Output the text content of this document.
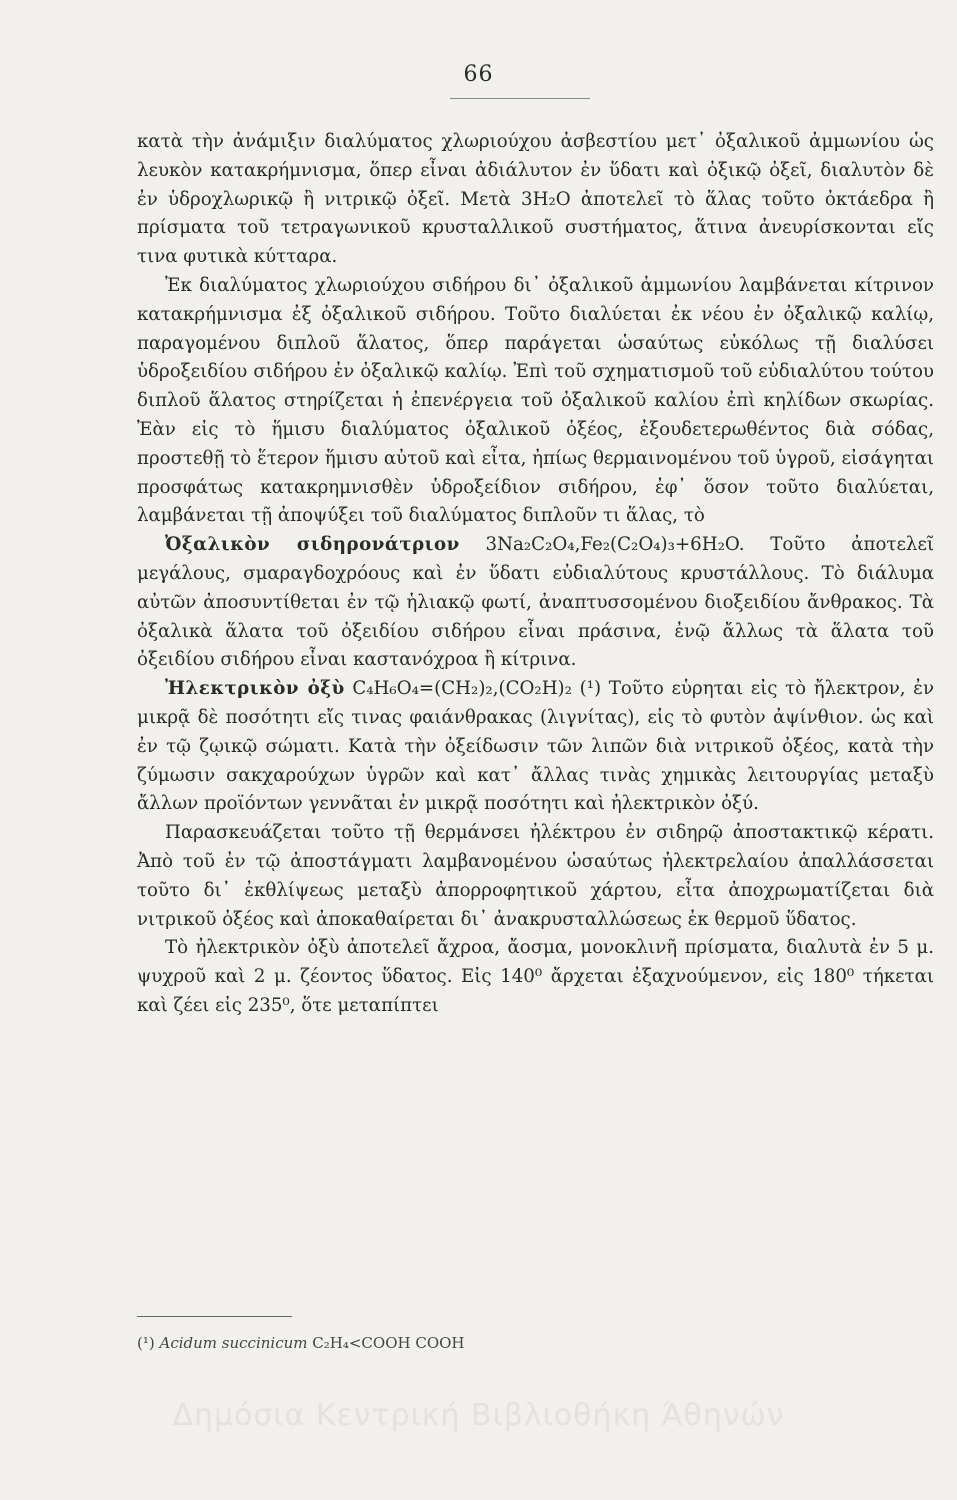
66

κατὰ τὴν ἀνάμιξιν διαλύματος χλωριούχου ἀσβεστίου μετ᾽ ὀξαλικοῦ ἀμμωνίου ὡς λευκὸν κατακρήμνισμα, ὅπερ εἶναι ἀδιάλυτον ἐν ὕδατι καὶ ὀξικῷ ὀξεῖ, διαλυτὸν δὲ ἐν ὑδροχλωρικῷ ἢ νιτρικῷ ὀξεῖ. Μετὰ 3H₂O ἀποτελεῖ τὸ ἅλας τοῦτο ὀκτάεδρα ἢ πρίσματα τοῦ τετραγωνικοῦ κρυσταλλικοῦ συστήματος, ἅτινα ἀνευρίσκονται εἴς τινα φυτικὰ κύτταρα.

Ἐκ διαλύματος χλωριούχου σιδήρου δι᾽ ὀξαλικοῦ ἀμμωνίου λαμβάνεται κίτρινον κατακρήμνισμα ἐξ ὀξαλικοῦ σιδήρου. Τοῦτο διαλύεται ἐκ νέου ἐν ὀξαλικῷ καλίῳ, παραγομένου διπλοῦ ἅλατος, ὅπερ παράγεται ὡσαύτως εὐκόλως τῇ διαλύσει ὑδροξειδίου σιδήρου ἐν ὀξαλικῷ καλίῳ. Ἐπὶ τοῦ σχηματισμοῦ τοῦ εὐδιαλύτου τούτου διπλοῦ ἅλατος στηρίζεται ἡ ἐπενέργεια τοῦ ὀξαλικοῦ καλίου ἐπὶ κηλίδων σκωρίας. Ἐὰν εἰς τὸ ἥμισυ διαλύματος ὀξαλικοῦ ὀξέος, ἐξουδετερωθέντος διὰ σόδας, προστεθῇ τὸ ἕτερον ἥμισυ αὐτοῦ καὶ εἶτα, ἠπίως θερμαινομένου τοῦ ὑγροῦ, εἰσάγηται προσφάτως κατακρημνισθὲν ὑδροξείδιον σιδήρου, ἐφ᾽ ὅσον τοῦτο διαλύεται, λαμβάνεται τῇ ἀποψύξει τοῦ διαλύματος διπλοῦν τι ἅλας, τὸ

Ὀξαλικὸν σιδηρονάτριον 3Na₂C₂O₄,Fe₂(C₂O₄)₃+6H₂O. Τοῦτο ἀποτελεῖ μεγάλους, σμαραγδοχρόους καὶ ἐν ὕδατι εὐδιαλύτους κρυστάλλους. Τὸ διάλυμα αὐτῶν ἀποσυντίθεται ἐν τῷ ἡλιακῷ φωτί, ἀναπτυσσομένου διοξειδίου ἄνθρακος. Τὰ ὀξαλικὰ ἅλατα τοῦ ὀξειδίου σιδήρου εἶναι πράσινα, ἐνῷ ἄλλως τὰ ἅλατα τοῦ ὀξειδίου σιδήρου εἶναι καστανόχροα ἢ κίτρινα.

Ἠλεκτρικὸν ὀξὺ C₄H₆O₄=(CH₂)₂,(CO₂H)₂ (¹) Τοῦτο εὑρηται εἰς τὸ ἤλεκτρον, ἐν μικρᾷ δὲ ποσότητι εἴς τινας φαιάνθρακας (λιγνίτας), εἰς τὸ φυτὸν ἀψίνθιον. ὡς καὶ ἐν τῷ ζῳικῷ σώματι. Κατὰ τὴν ὀξείδωσιν τῶν λιπῶν διὰ νιτρικοῦ ὀξέος, κατὰ τὴν ζύμωσιν σακχαρούχων ὑγρῶν καὶ κατ᾽ ἄλλας τινὰς χημικὰς λειτουργίας μεταξὺ ἄλλων προϊόντων γεννᾶται ἐν μικρᾷ ποσότητι καὶ ἠλεκτρικὸν ὀξύ.

Παρασκευάζεται τοῦτο τῇ θερμάνσει ἠλέκτρου ἐν σιδηρῷ ἀποστακτικῷ κέρατι. Ἀπὸ τοῦ ἐν τῷ ἀποστάγματι λαμβανομένου ὡσαύτως ἠλεκτρελαίου ἀπαλλάσσεται τοῦτο δι᾽ ἐκθλίψεως μεταξὺ ἀπορροφητικοῦ χάρτου, εἶτα ἀποχρωματίζεται διὰ νιτρικοῦ ὀξέος καὶ ἀποκαθαίρεται δι᾽ ἀνακρυσταλλώσεως ἐκ θερμοῦ ὕδατος.

Τὸ ἠλεκτρικὸν ὀξὺ ἀποτελεῖ ἄχροα, ἄοσμα, μονοκλινῆ πρίσματα, διαλυτὰ ἐν 5 μ. ψυχροῦ καὶ 2 μ. ζέοντος ὕδατος. Εἰς 140⁰ ἄρχεται ἐξαχνούμενον, εἰς 180⁰ τήκεται καὶ ζέει εἰς 235⁰, ὅτε μεταπίπτει

(¹) Acidum succinicum C₂H₄<COOH COOH
Δημόσια Κεντρική Βιβλιοθήκη Άθηνών
